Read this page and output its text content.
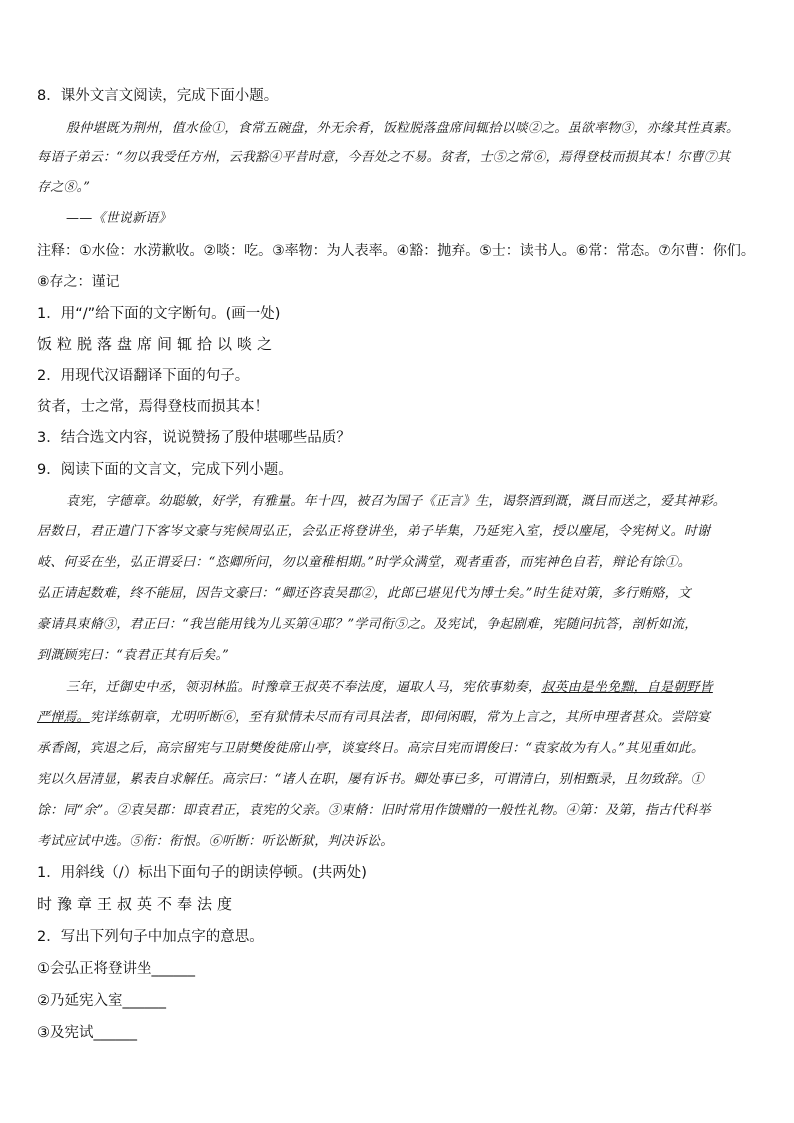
8．课外文言文阅读，完成下面小题。
殷仲堪既为荆州，值水俭①，食常五碗盘，外无余肴，饭粒脱落盘席间辄拾以啖②之。虽欲率物③，亦缘其性真素。
每语子弟云：“勿以我受任方州，云我豁④平昔时意，今吾处之不易。贫者，士⑤之常⑥，焉得登枝而损其本！尔曹⑦其
存之⑧。”
——《世说新语》
注释：①水俭：水涝歉收。②啖：吃。③率物：为人表率。④豁：抛弃。⑤士：读书人。⑥常：常态。⑦尔曹：你们。
⑧存之：谨记
1．用“/”给下面的文字断句。(画一处)
饭粒脱落盘席间辄拾以啖之
2．用现代汉语翻译下面的句子。
贫者，士之常，焉得登枝而损其本！
3．结合选文内容，说说赞扬了殷仲堪哪些品质？
9．阅读下面的文言文，完成下列小题。
袁宪，字德章。幼聪敏，好学，有雅量。年十四，被召为国子《正言》生，谒祭酒到溉，溉目而送之，爱其神彩。
居数日，君正遣门下客岑文豪与宪候周弘正，会弘正将登讲坐，弟子毕集，乃延宪入室，授以麈尾，令宪树义。时谢
岐、何妥在坐，弘正谓妥曰：“恣卿所问，勿以童稚相期。”时学众满堂，观者重沓，而宪神色自若，辩论有馀①。
弘正请起数难，终不能屈，因告文豪曰：“卿还咨袁吴郡②，此郎已堪见代为博士矣。”时生徒对策，多行贿赂，文
豪请具束脩③，君正曰：“我岂能用钱为儿买第④耶？”学司衔⑤之。及宪试，争起剧难，宪随问抗答，剖析如流，
到溉顾宪曰：“袁君正其有后矣。”
三年，迁御史中丞，领羽林监。时豫章王叔英不奉法度，逼取人马，宪依事劾奏，叔英由是坐免黜，自是朝野皆
严惮焉。宪详练朝章，尤明听断⑥，至有狱情未尽而有司具法者，即伺闲暇，常为上言之，其所申理者甚众。尝陪宴
承香阁，宾退之后，高宗留宪与卫尉樊俊徙席山亭，谈宴终日。高宗目宪而谓俊曰：“袁家故为有人。”其见重如此。
宪以久居清显，累表自求解任。高宗曰：“诸人在职，屡有诉书。卿处事已多，可谓清白，别相甄录，且勿致辞。①
馀：同“余”。②袁吴郡：即袁君正，袁宪的父亲。③束脩：旧时常用作馈赠的一般性礼物。④第：及第，指古代科举
考试应试中选。⑤衔：衔恨。⑥听断：听讼断狱，判决诉讼。
1．用斜线（/）标出下面句子的朗读停顿。(共两处)
时豫章王叔英不奉法度
2．写出下列句子中加点字的意思。
①会弘正将登讲坐______
②乃延宪入室______
③及宪试______
